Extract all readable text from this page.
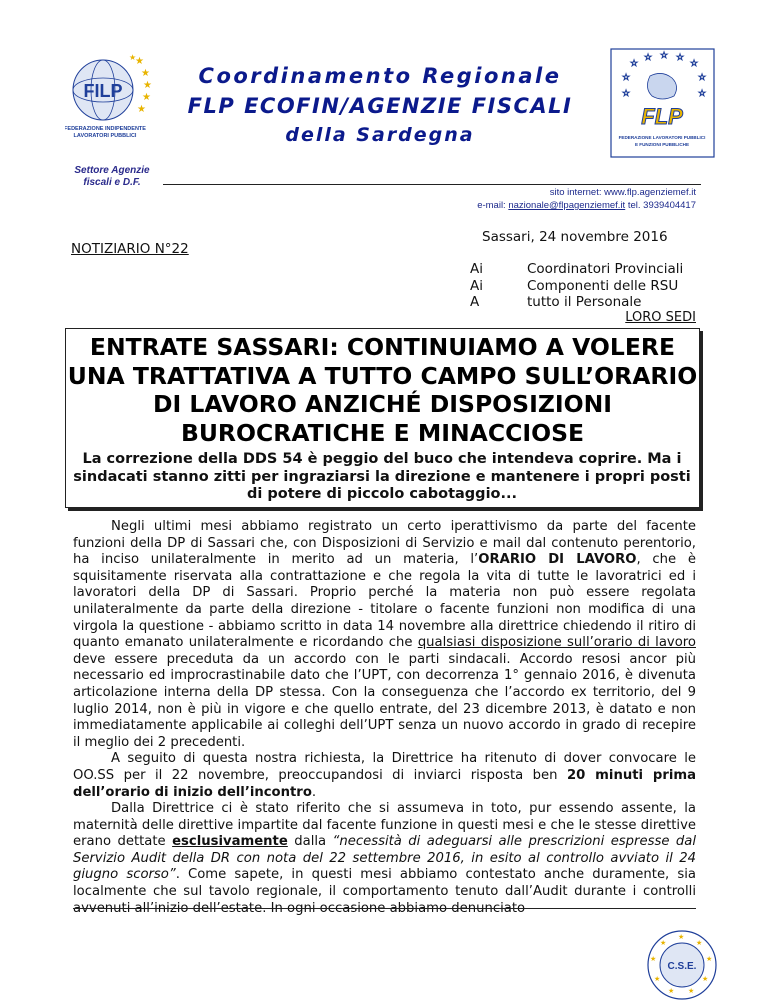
FILP
★
★
★
★
★
★
FEDERAZIONE INDIPENDENTE
LAVORATORI PUBBLICI
Coordinamento Regionale
FLP ECOFIN/AGENZIE FISCALI
della Sardegna
☆
☆ ☆ ☆
☆
☆	☆
☆	☆
FLP
FEDERAZIONE LAVORATORI PUBBLICI
E FUNZIONI PUBBLICHE
Settore Agenzie fiscali e D.F.
sito internet: www.flp.agenziemef.it
e-mail: nazionale@flpagenziemef.it tel. 3939404417
Sassari, 24 novembre 2016
NOTIZIARIO N°22
Ai	Coordinatori Provinciali
Ai	Componenti delle RSU
A	tutto il Personale
LORO SEDI
ENTRATE SASSARI: CONTINUIAMO A VOLERE UNA TRATTATIVA A TUTTO CAMPO SULL’ORARIO DI LAVORO ANZICHÉ DISPOSIZIONI BUROCRATICHE E MINACCIOSE
La correzione della DDS 54 è peggio del buco che intendeva coprire. Ma i sindacati stanno zitti per ingraziarsi la direzione e mantenere i propri posti di potere di piccolo cabotaggio...

Negli ultimi mesi abbiamo registrato un certo iperattivismo da parte del facente funzioni della DP di Sassari che, con Disposizioni di Servizio e mail dal contenuto perentorio, ha inciso unilateralmente in merito ad un materia, l’ORARIO DI LAVORO, che è squisitamente riservata alla contrattazione e che regola la vita di tutte le lavoratrici ed i lavoratori della DP di Sassari. Proprio perché la materia non può essere regolata unilateralmente da parte della direzione - titolare o facente funzioni non modifica di una virgola la questione - abbiamo scritto in data 14 novembre alla direttrice chiedendo il ritiro di quanto emanato unilateralmente e ricordando che qualsiasi disposizione sull’orario di lavoro deve essere preceduta da un accordo con le parti sindacali. Accordo resosi ancor più necessario ed improcrastinabile dato che l’UPT, con decorrenza 1° gennaio 2016, è divenuta articolazione interna della DP stessa. Con la conseguenza che l’accordo ex territorio, del 9 luglio 2014, non è più in vigore e che quello entrate, del 23 dicembre 2013, è datato e non immediatamente applicabile ai colleghi dell’UPT senza un nuovo accordo in grado di recepire il meglio dei 2 precedenti.

A seguito di questa nostra richiesta, la Direttrice ha ritenuto di dover convocare le OO.SS per il 22 novembre, preoccupandosi di inviarci risposta ben 20 minuti prima dell’orario di inizio dell’incontro.

Dalla Direttrice ci è stato riferito che si assumeva in toto, pur essendo assente, la maternità delle direttive impartite dal facente funzione in questi mesi e che le stesse direttive erano dettate esclusivamente dalla “necessità di adeguarsi alle prescrizioni espresse dal Servizio Audit della DR con nota del 22 settembre 2016, in esito al controllo avviato il 24 giugno scorso”. Come sapete, in questi mesi abbiamo contestato anche duramente, sia localmente che sul tavolo regionale, il comportamento tenuto dall’Audit durante i controlli avvenuti all’inizio dell’estate. In ogni occasione abbiamo denunciato

★
★
★
★
★
★
★
★
★
C.S.E.
